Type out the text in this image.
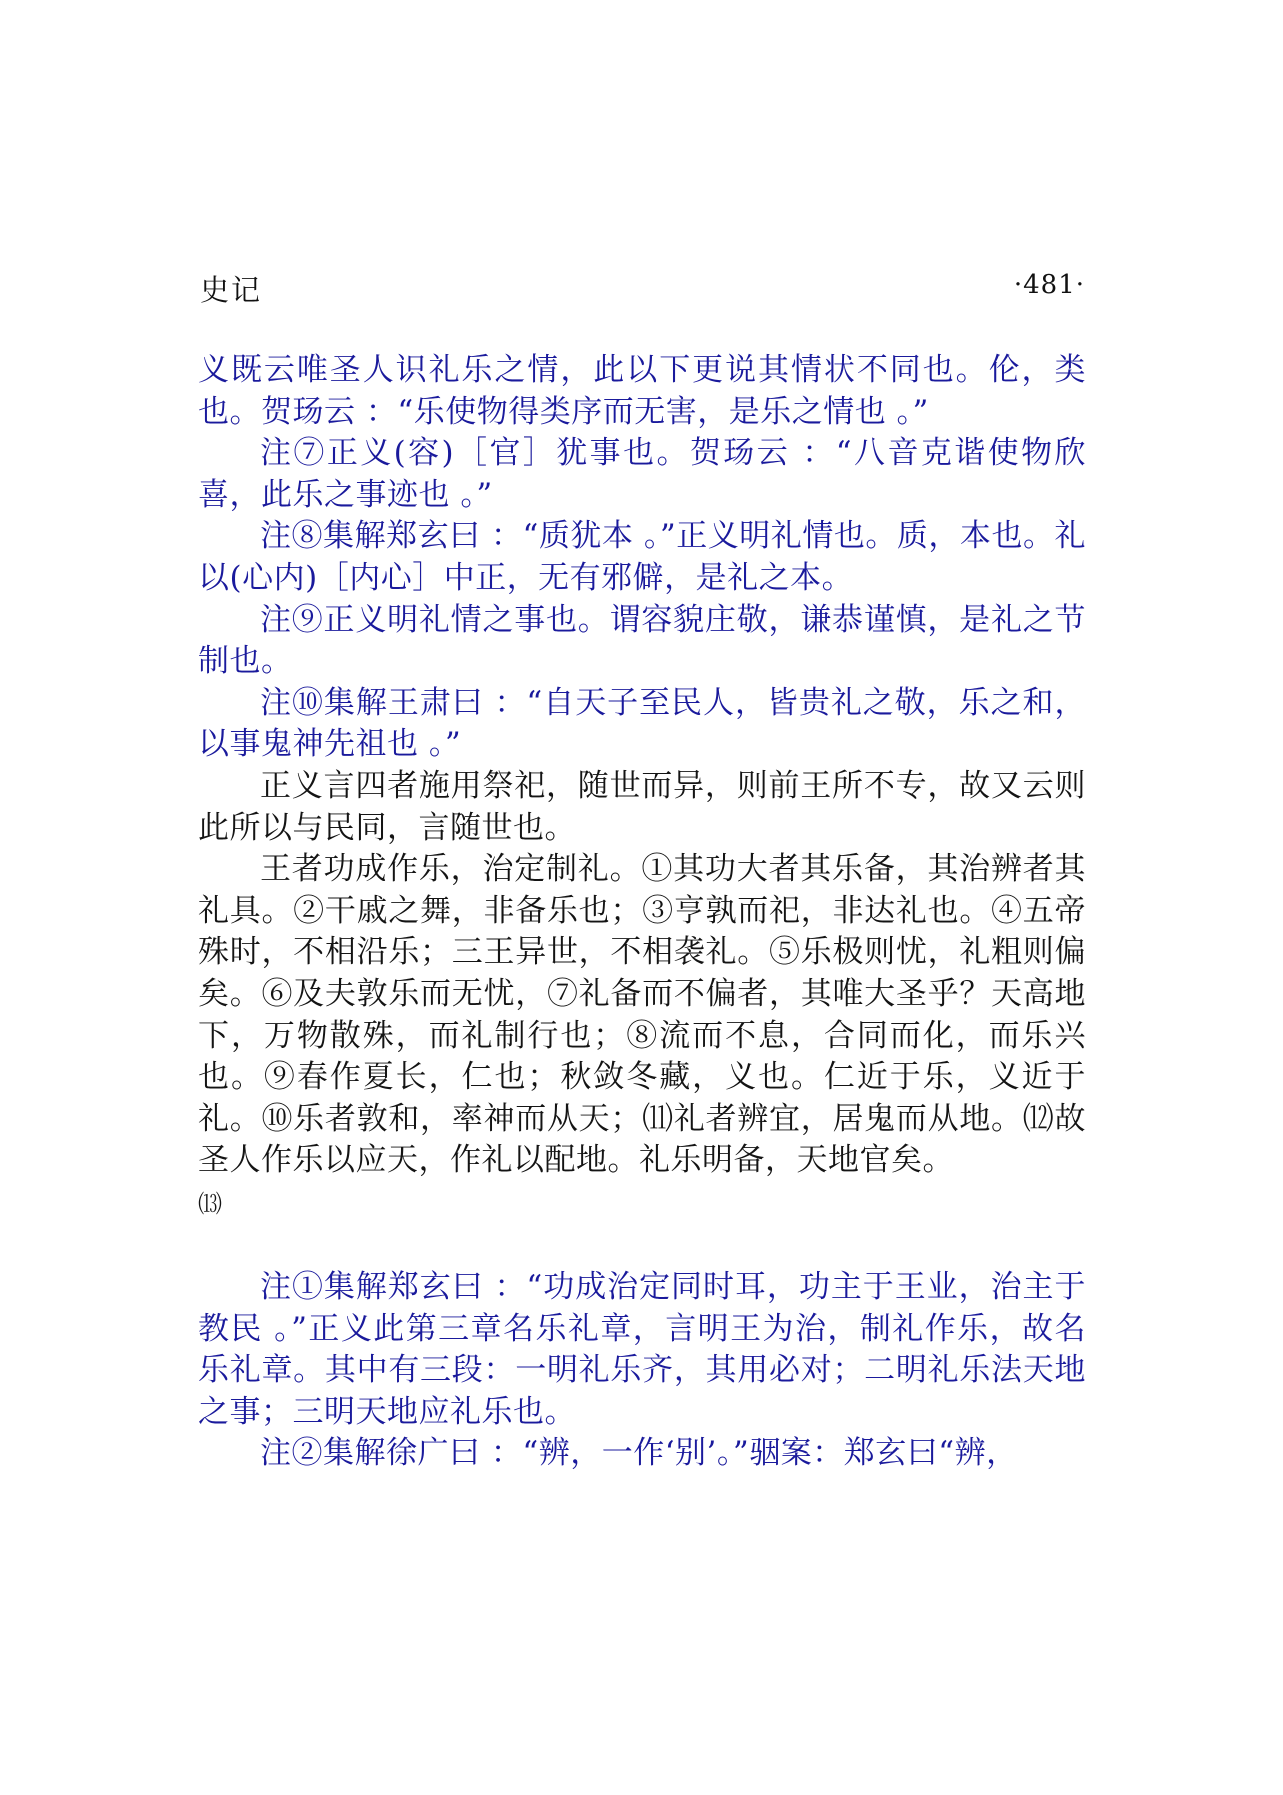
史记	·481·

义既云唯圣人识礼乐之情，此以下更说其情状不同也。伦，类也。贺玚云 ：“乐使物得类序而无害，是乐之情也 。”

注⑦正义(容)［官］犹事也。贺玚云 ：“八音克谐使物欣喜，此乐之事迹也 。”

注⑧集解郑玄曰 ：“质犹本 。”正义明礼情也。质，本也。礼以(心内)［内心］中正，无有邪僻，是礼之本。

注⑨正义明礼情之事也。谓容貌庄敬，谦恭谨慎，是礼之节制也。

注⑩集解王肃曰 ：“自天子至民人，皆贵礼之敬，乐之和，以事鬼神先祖也 。”

正义言四者施用祭祀，随世而异，则前王所不专，故又云则此所以与民同，言随世也。

王者功成作乐，治定制礼。①其功大者其乐备，其治辨者其礼具。②干戚之舞，非备乐也；③亨孰而祀，非达礼也。④五帝殊时，不相沿乐；三王异世，不相袭礼。⑤乐极则忧，礼粗则偏矣。⑥及夫敦乐而无忧，⑦礼备而不偏者，其唯大圣乎？天高地下，万物散殊，而礼制行也；⑧流而不息，合同而化，而乐兴也。⑨春作夏长，仁也；秋敛冬藏，义也。仁近于乐，义近于礼。⑩乐者敦和，率神而从天；⑾礼者辨宜，居鬼而从地。⑿故圣人作乐以应天，作礼以配地。礼乐明备，天地官矣。

⒀

注①集解郑玄曰 ：“功成治定同时耳，功主于王业，治主于教民 。”正义此第三章名乐礼章，言明王为治，制礼作乐，故名乐礼章。其中有三段：一明礼乐齐，其用必对；二明礼乐法天地之事；三明天地应礼乐也。

注②集解徐广曰 ：“辨，一作‘别’。”骃案：郑玄曰“辨，
